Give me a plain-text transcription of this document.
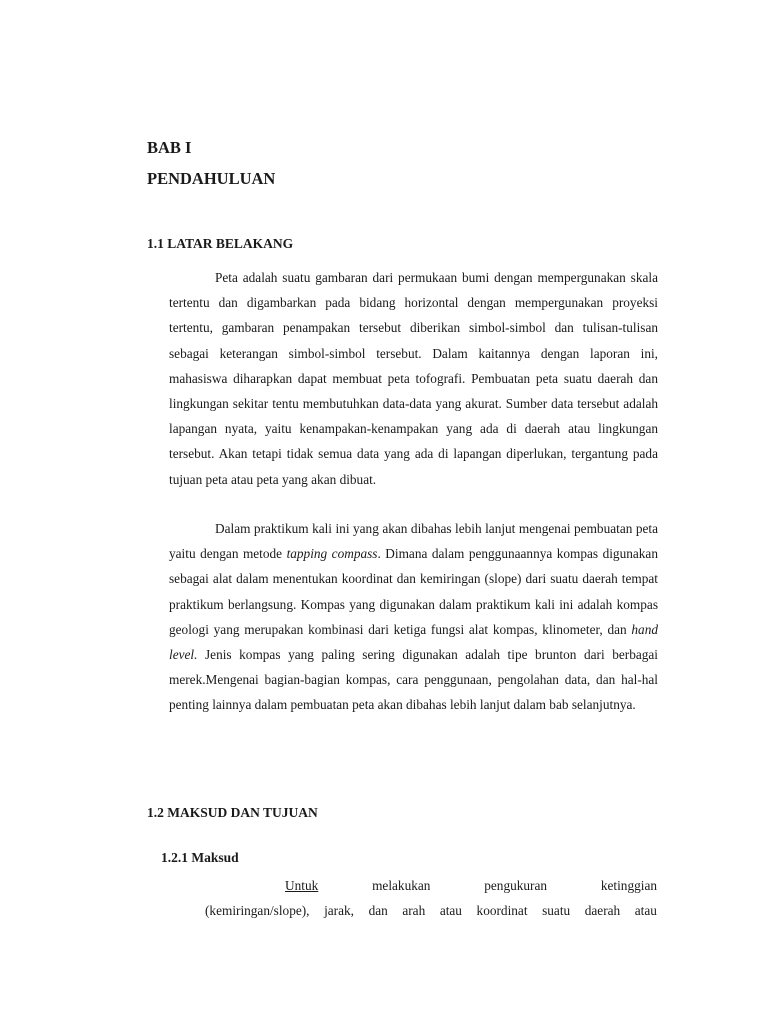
BAB I
PENDAHULUAN
1.1 LATAR BELAKANG

Peta adalah suatu gambaran dari permukaan bumi dengan mempergunakan skala tertentu dan digambarkan pada bidang horizontal dengan mempergunakan proyeksi tertentu, gambaran penampakan tersebut diberikan simbol-simbol dan tulisan-tulisan sebagai keterangan simbol-simbol tersebut. Dalam kaitannya dengan laporan ini, mahasiswa diharapkan dapat membuat peta tofografi. Pembuatan peta suatu daerah dan lingkungan sekitar tentu membutuhkan data-data yang akurat. Sumber data tersebut adalah lapangan nyata, yaitu kenampakan-kenampakan yang ada di daerah atau lingkungan tersebut. Akan tetapi tidak semua data yang ada di lapangan diperlukan, tergantung pada tujuan peta atau peta yang akan dibuat.

Dalam praktikum kali ini yang akan dibahas lebih lanjut mengenai pembuatan peta yaitu dengan metode tapping compass. Dimana dalam penggunaannya kompas digunakan sebagai alat dalam menentukan koordinat dan kemiringan (slope) dari suatu daerah tempat praktikum berlangsung. Kompas yang digunakan dalam praktikum kali ini adalah kompas geologi yang merupakan kombinasi dari ketiga fungsi alat kompas, klinometer, dan hand level. Jenis kompas yang paling sering digunakan adalah tipe brunton dari berbagai merek.Mengenai bagian-bagian kompas, cara penggunaan, pengolahan data, dan hal-hal penting lainnya dalam pembuatan peta akan dibahas lebih lanjut dalam bab selanjutnya.

1.2 MAKSUD DAN TUJUAN
1.2.1 Maksud
Untuk	melakukan	pengukuran	ketinggian
(kemiringan/slope), jarak, dan arah atau koordinat suatu daerah atau
